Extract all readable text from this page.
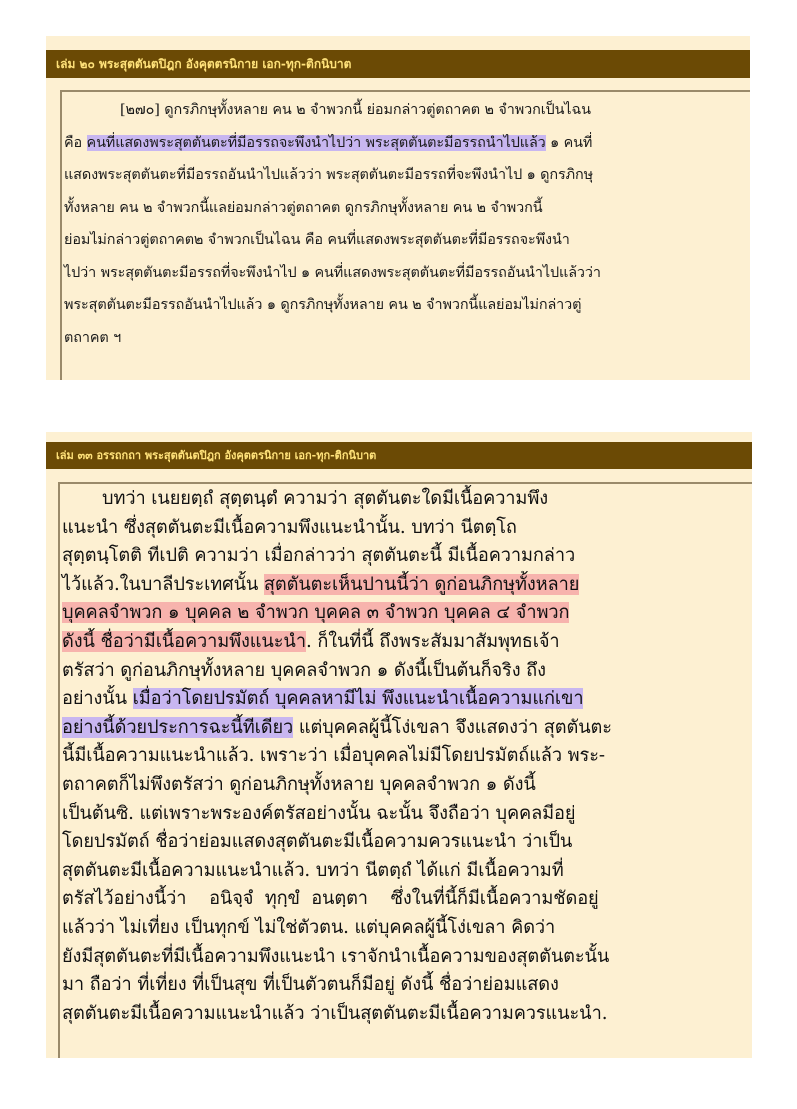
เล่ม ๒๐ พระสุตตันตปิฎก อังคุตตรนิกาย เอก-ทุก-ติกนิบาต
[๒๗๐] ดูกรภิกษุทั้งหลาย คน ๒ จำพวกนี้ ย่อมกล่าวตู่ตถาคต ๒ จำพวกเป็นไฉน
คือ คนที่แสดงพระสุตตันตะที่มีอรรถจะพึงนำไปว่า พระสุตตันตะมีอรรถนำไปแล้ว ๑ คนที่
แสดงพระสุตตันตะที่มีอรรถอันนำไปแล้วว่า พระสุตตันตะมีอรรถที่จะพึงนำไป ๑ ดูกรภิกษุ
ทั้งหลาย คน ๒ จำพวกนี้แลย่อมกล่าวตู่ตถาคต ดูกรภิกษุทั้งหลาย คน ๒ จำพวกนี้
ย่อมไม่กล่าวตู่ตถาคต๒ จำพวกเป็นไฉน คือ คนที่แสดงพระสุตตันตะที่มีอรรถจะพึงนำ
ไปว่า พระสุตตันตะมีอรรถที่จะพึงนำไป ๑ คนที่แสดงพระสุตตันตะที่มีอรรถอันนำไปแล้วว่า
พระสุตตันตะมีอรรถอันนำไปแล้ว ๑ ดูกรภิกษุทั้งหลาย คน ๒ จำพวกนี้แลย่อมไม่กล่าวตู่
ตถาคต ฯ
เล่ม ๓๓ อรรถกถา พระสุตตันตปิฎก อังคุตตรนิกาย เอก-ทุก-ติกนิบาต
บทว่า เนยยตฺถํ สุตฺตนฺตํ ความว่า สุตตันตะใดมีเนื้อความพึง
แนะนำ ซึ่งสุตตันตะมีเนื้อความพึงแนะนำนั้น. บทว่า นีตตฺโถ
สุตฺตนฺโตติ ทีเปติ ความว่า เมื่อกล่าวว่า สุตตันตะนี้ มีเนื้อความกล่าว
ไว้แล้ว.ในบาลีประเทศนั้น สุตตันตะเห็นปานนี้ว่า ดูก่อนภิกษุทั้งหลาย
บุคคลจำพวก ๑ บุคคล ๒ จำพวก บุคคล ๓ จำพวก บุคคล ๔ จำพวก
ดังนี้ ชื่อว่ามีเนื้อความพึงแนะนำ. ก็ในที่นี้ ถึงพระสัมมาสัมพุทธเจ้า
ตรัสว่า ดูก่อนภิกษุทั้งหลาย บุคคลจำพวก ๑ ดังนี้เป็นต้นก็จริง ถึง
อย่างนั้น เมื่อว่าโดยปรมัตถ์ บุคคลหามีไม่ พึงแนะนำเนื้อความแก่เขา
อย่างนี้ด้วยประการฉะนี้ทีเดียว แต่บุคคลผู้นี้โง่เขลา จึงแสดงว่า สุตตันตะ
นี้มีเนื้อความแนะนำแล้ว. เพราะว่า เมื่อบุคคลไม่มีโดยปรมัตถ์แล้ว พระ-
ตถาคตก็ไม่พึงตรัสว่า ดูก่อนภิกษุทั้งหลาย บุคคลจำพวก ๑ ดังนี้
เป็นต้นซิ. แต่เพราะพระองค์ตรัสอย่างนั้น ฉะนั้น จึงถือว่า บุคคลมีอยู่
โดยปรมัตถ์ ชื่อว่าย่อมแสดงสุตตันตะมีเนื้อความควรแนะนำ ว่าเป็น
สุตตันตะมีเนื้อความแนะนำแล้ว. บทว่า นีตตฺถํ ได้แก่ มีเนื้อความที่
ตรัสไว้อย่างนี้ว่า    อนิจฺจํ  ทุกฺขํ  อนตฺตา    ซึ่งในที่นี้ก็มีเนื้อความชัดอยู่
แล้วว่า ไม่เที่ยง เป็นทุกข์ ไม่ใช่ตัวตน. แต่บุคคลผู้นี้โง่เขลา คิดว่า
ยังมีสุตตันตะที่มีเนื้อความพึงแนะนำ เราจักนำเนื้อความของสุตตันตะนั้น
มา ถือว่า ที่เที่ยง ที่เป็นสุข ที่เป็นตัวตนก็มีอยู่ ดังนี้ ชื่อว่าย่อมแสดง
สุตตันตะมีเนื้อความแนะนำแล้ว ว่าเป็นสุตตันตะมีเนื้อความควรแนะนำ.
